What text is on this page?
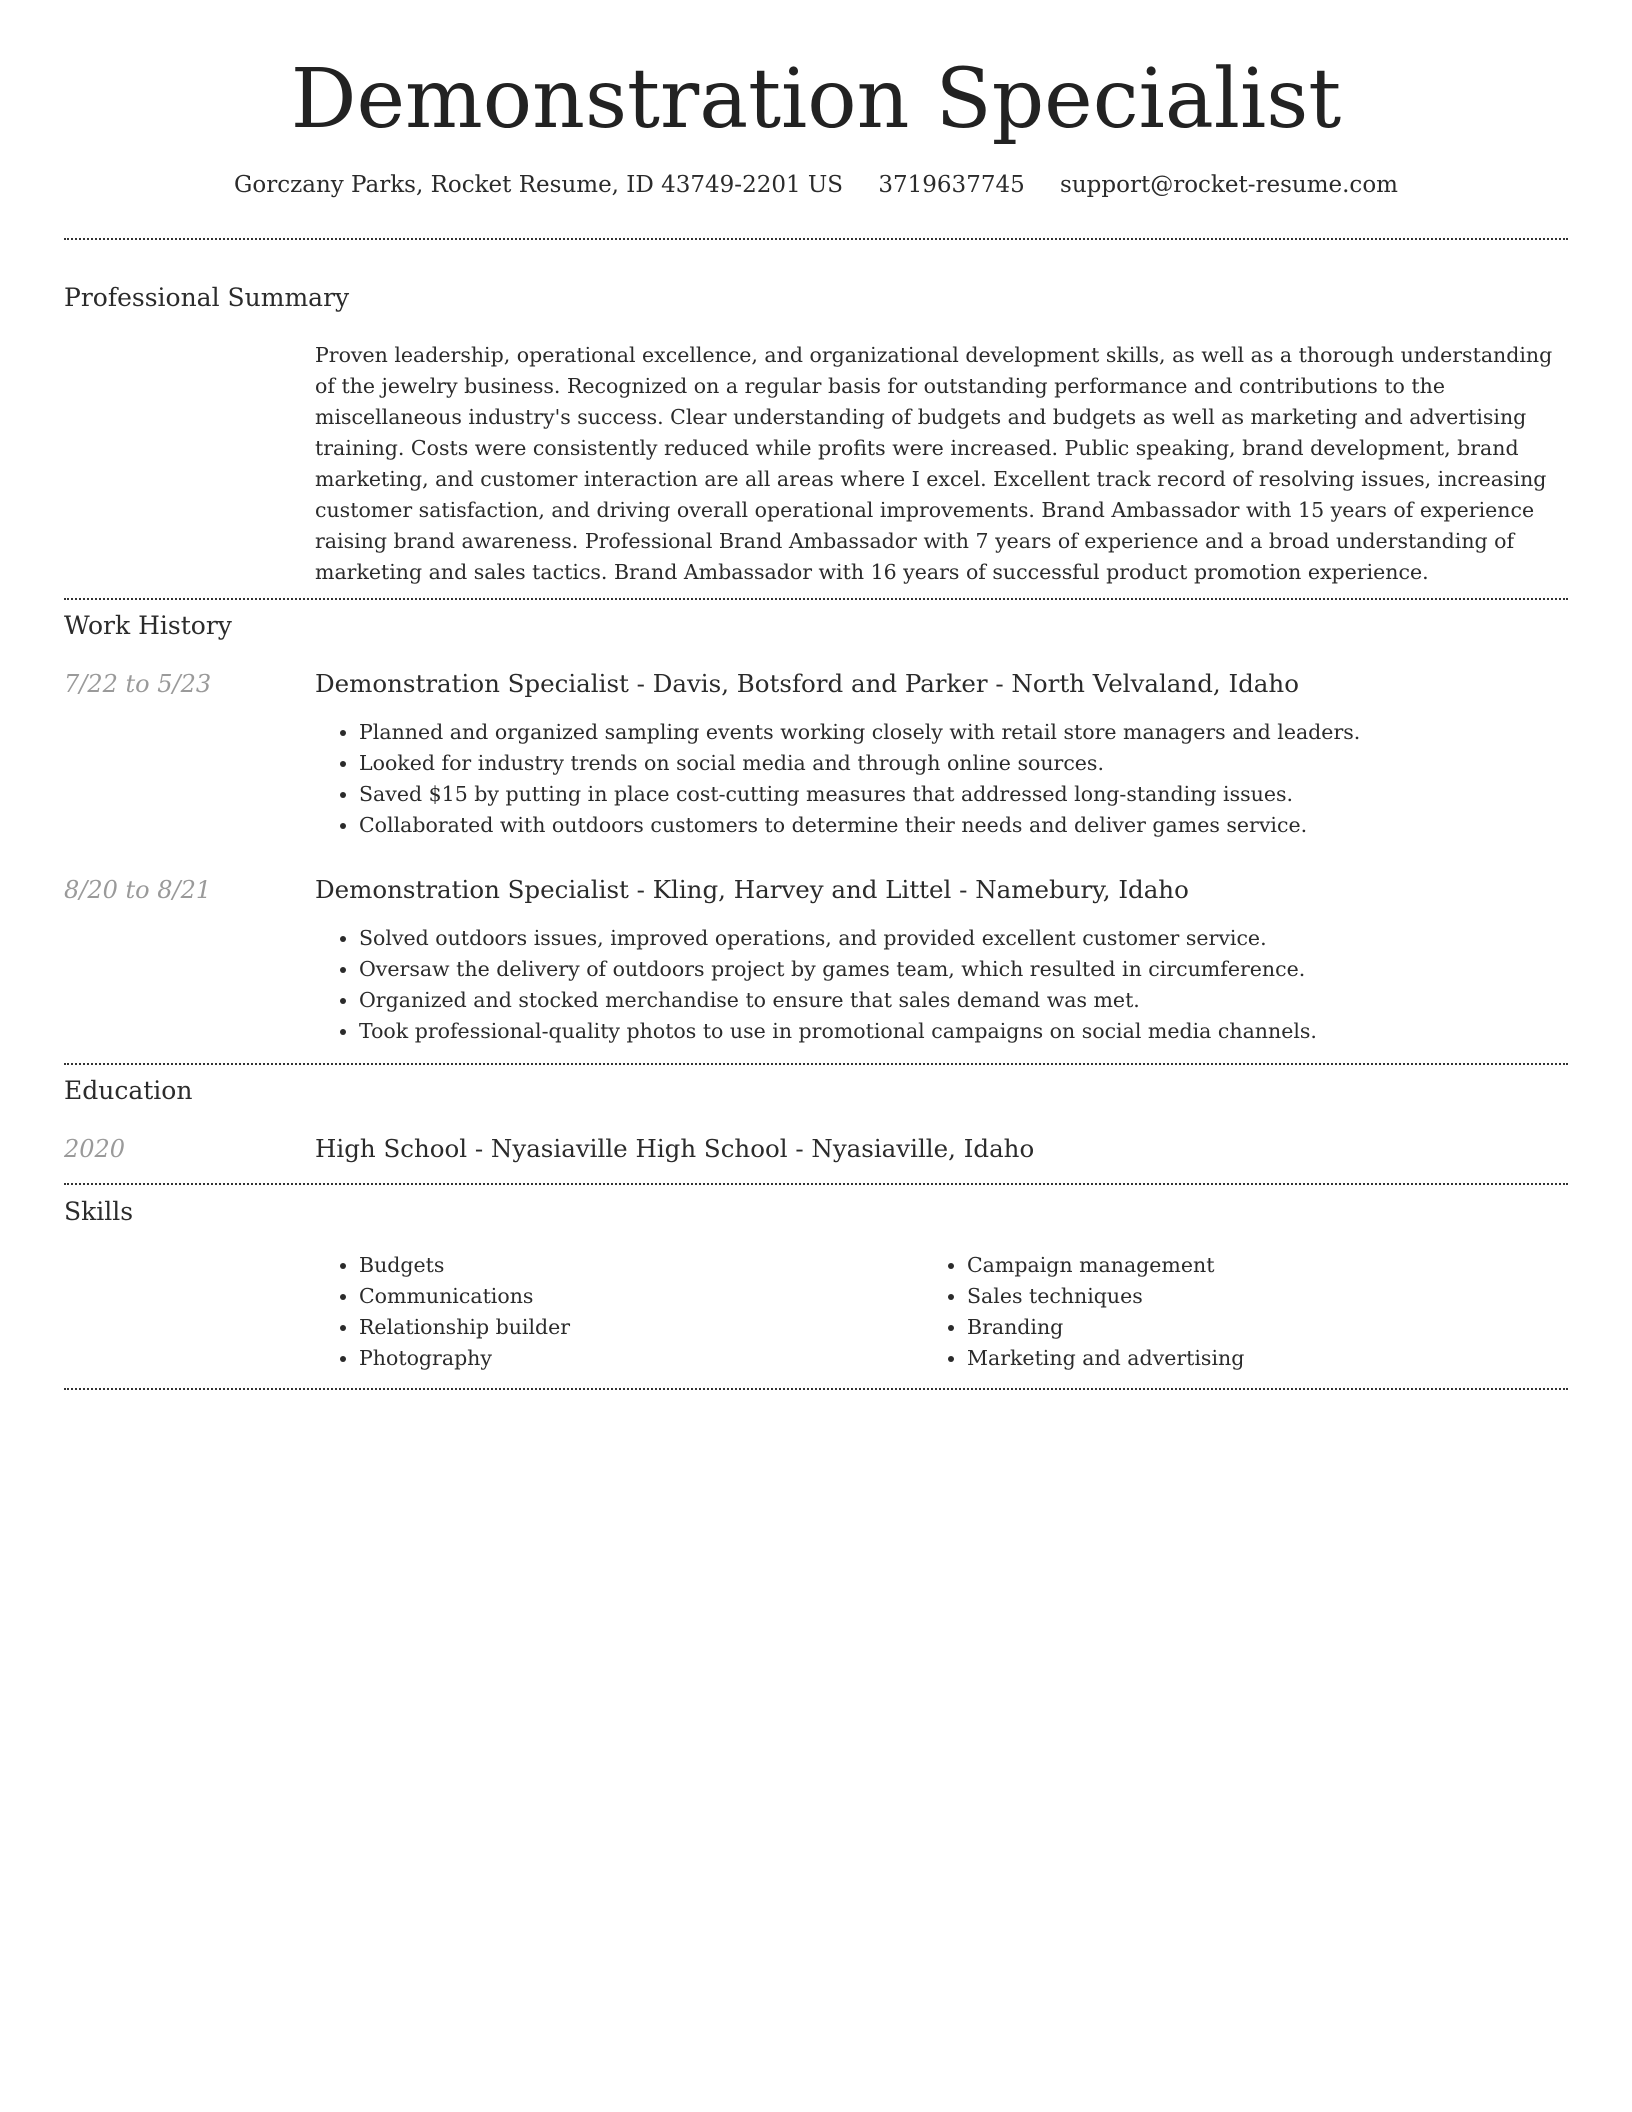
Demonstration Specialist
Gorczany Parks, Rocket Resume, ID 43749-2201 US 3719637745 support@rocket-resume.com
Professional Summary

Proven leadership, operational excellence, and organizational development skills, as well as a thorough understanding of the jewelry business. Recognized on a regular basis for outstanding performance and contributions to the miscellaneous industry's success. Clear understanding of budgets and budgets as well as marketing and advertising training. Costs were consistently reduced while profits were increased. Public speaking, brand development, brand marketing, and customer interaction are all areas where I excel. Excellent track record of resolving issues, increasing customer satisfaction, and driving overall operational improvements. Brand Ambassador with 15 years of experience raising brand awareness. Professional Brand Ambassador with 7 years of experience and a broad understanding of marketing and sales tactics. Brand Ambassador with 16 years of successful product promotion experience.

Work History
7/22 to 5/23	Demonstration Specialist - Davis, Botsford and Parker - North Velvaland, Idaho
• Planned and organized sampling events working closely with retail store managers and leaders.
• Looked for industry trends on social media and through online sources.
• Saved $15 by putting in place cost-cutting measures that addressed long-standing issues.
• Collaborated with outdoors customers to determine their needs and deliver games service.
8/20 to 8/21	Demonstration Specialist - Kling, Harvey and Littel - Namebury, Idaho
• Solved outdoors issues, improved operations, and provided excellent customer service.
• Oversaw the delivery of outdoors project by games team, which resulted in circumference.
• Organized and stocked merchandise to ensure that sales demand was met.
• Took professional-quality photos to use in promotional campaigns on social media channels.
Education
2020	High School - Nyasiaville High School - Nyasiaville, Idaho
Skills
• Budgets
• Communications
• Relationship builder
• Photography
• Campaign management
• Sales techniques
• Branding
• Marketing and advertising
